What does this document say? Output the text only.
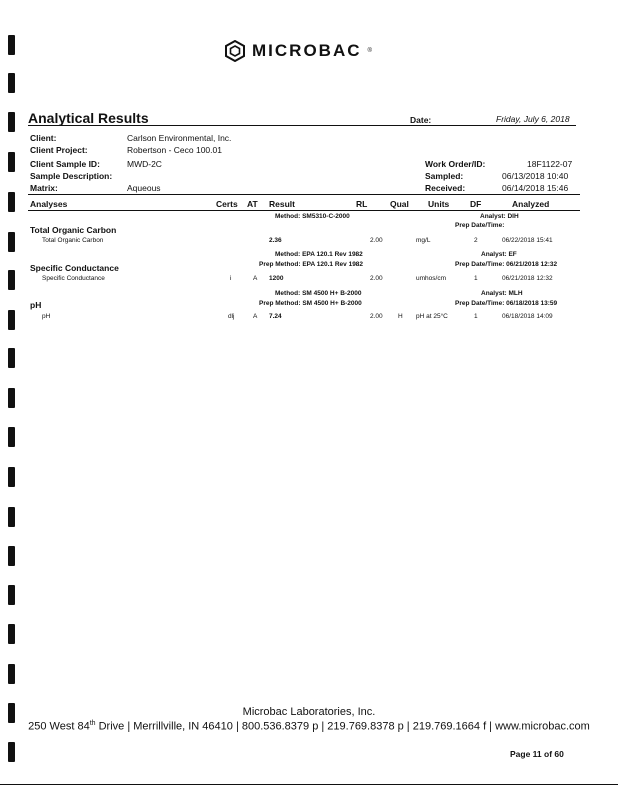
MICROBAC ®
Analytical Results	Date:	Friday, July 6, 2018
Client:	Carlson Environmental, Inc.
Client Project:	Robertson - Ceco 100.01
Client Sample ID:	MWD-2C
Sample Description:
Matrix:	Aqueous
Work Order/ID:	18F1122-07
Sampled:	06/13/2018 10:40
Received:	06/14/2018 15:46
Analyses	Certs AT Result	RL	Qual Units DF	Analyzed
Method: SM5310-C-2000	Analyst: DIH
Prep Date/Time:
Total Organic Carbon
Total Organic Carbon	2.36	2.00	mg/L	2	06/22/2018 15:41
Method: EPA 120.1 Rev 1982	Analyst: EF
Prep Method: EPA 120.1 Rev 1982	Prep Date/Time: 06/21/2018 12:32
Specific Conductance
Specific Conductance	i	A 1200	2.00	umhos/cm	1	06/21/2018 12:32
Method: SM 4500 H+ B-2000	Analyst: MLH
Prep Method: SM 4500 H+ B-2000	Prep Date/Time: 06/18/2018 13:59
pH
pH	dlj	A 7.24	2.00 H pH at 25°C	1	06/18/2018 14:09
Microbac Laboratories, Inc.
250 West 84th Drive | Merrillville, IN 46410 | 800.536.8379 p | 219.769.8378 p | 219.769.1664 f | www.microbac.com
Page 11 of 60
